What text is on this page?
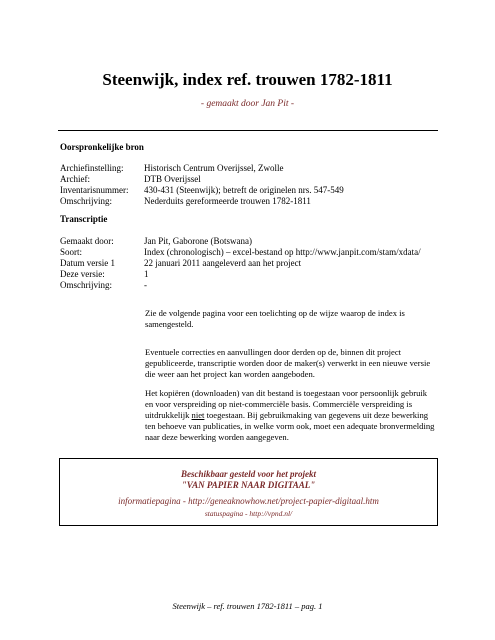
Steenwijk, index ref. trouwen 1782-1811
- gemaakt door Jan Pit -
Oorspronkelijke bron
Archiefinstelling: Historisch Centrum Overijssel, Zwolle
Archief:	DTB Overijssel
Inventarisnummer: 430-431 (Steenwijk); betreft de originelen nrs. 547-549
Omschrijving:	Nederduits gereformeerde trouwen 1782-1811
Transcriptie
Gemaakt door:	Jan Pit, Gaborone (Botswana)
Soort:	Index (chronologisch) – excel-bestand op http://www.janpit.com/stam/xdata/
Datum versie 1	22 januari 2011 aangeleverd aan het project
Deze versie:	1
Omschrijving:	-
Zie de volgende pagina voor een toelichting op de wijze waarop de index is samengesteld.
Eventuele correcties en aanvullingen door derden op de, binnen dit project gepubliceerde, transcriptie worden door de maker(s) verwerkt in een nieuwe versie die weer aan het project kan worden aangeboden.
Het kopiëren (downloaden) van dit bestand is toegestaan voor persoonlijk gebruik en voor verspreiding op niet-commerciële basis. Commerciële verspreiding is uitdrukkelijk niet toegestaan. Bij gebruikmaking van gegevens uit deze bewerking ten behoeve van publicaties, in welke vorm ook, moet een adequate bronvermelding naar deze bewerking worden aangegeven.
Beschikbaar gesteld voor het projekt
"VAN PAPIER NAAR DIGITAAL"
informatiepagina - http://geneaknowhow.net/project-papier-digitaal.htm
statuspagina - http://vpnd.nl/
Steenwijk – ref. trouwen 1782-1811 – pag. 1
